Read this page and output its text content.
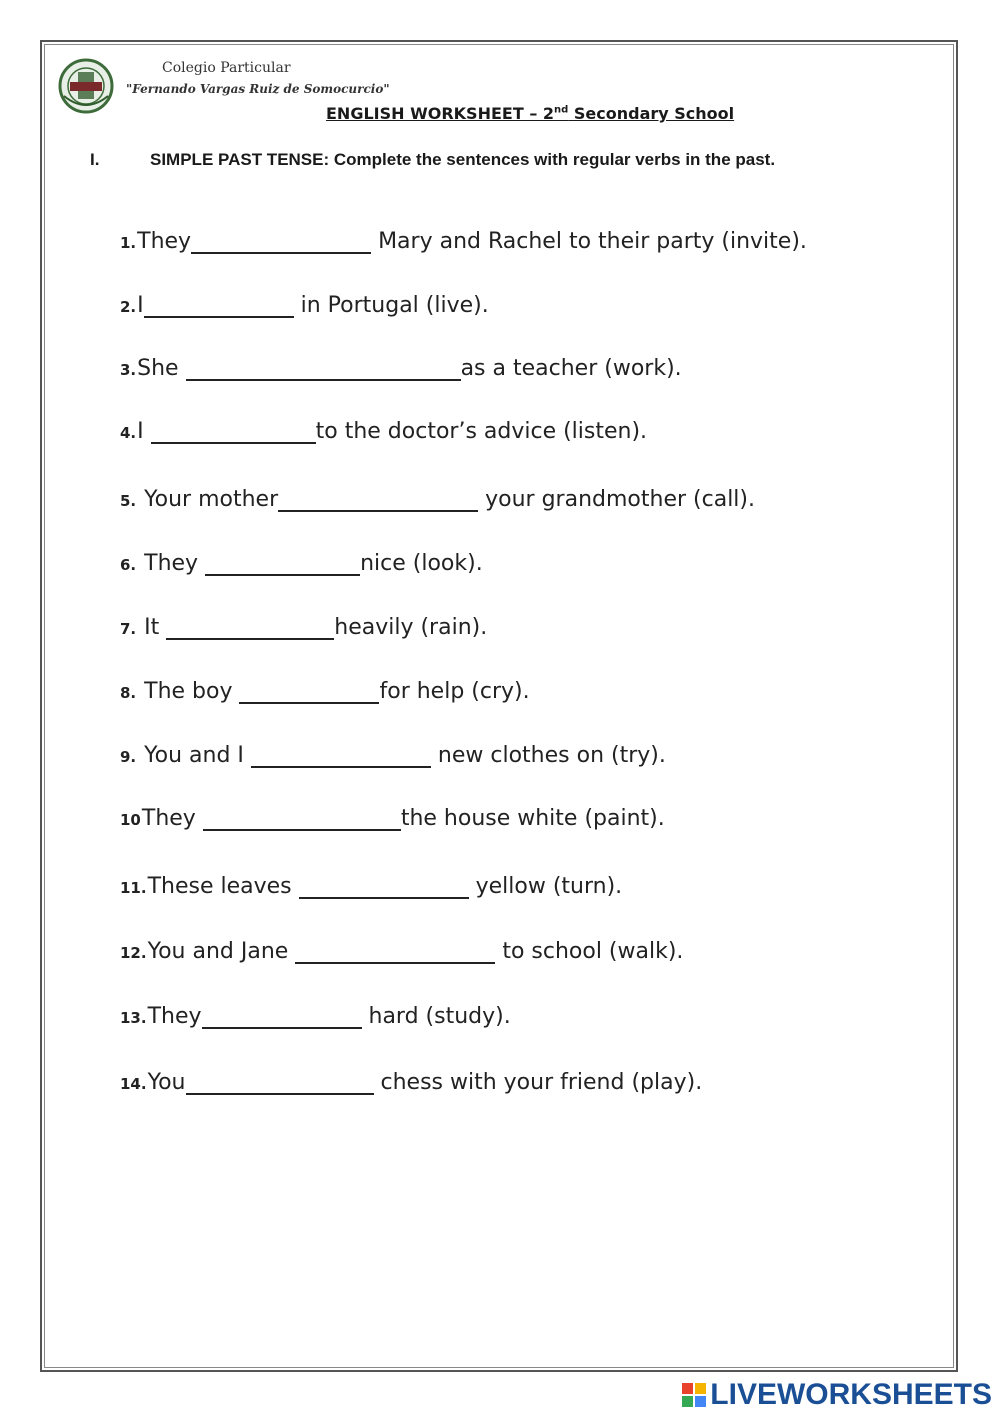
Colegio Particular
"Fernando Vargas Ruiz de Somocurcio"
ENGLISH WORKSHEET – 2nd Secondary School
I.	SIMPLE PAST TENSE: Complete the sentences with regular verbs in the past.
1.They	Mary and Rachel to their party (invite).
2.I	in Portugal (live).
3.She	as a teacher (work).
4.I	to the doctor’s advice (listen).
5. Your mother	your grandmother (call).
6. They	nice (look).
7. It	heavily (rain).
8. The boy	for help (cry).
9. You and I	new clothes on (try).
10They	the house white (paint).
11.These leaves	yellow (turn).
12.You and Jane	to school (walk).
13.They	hard (study).
14.You	chess with your friend (play).
LIVEWORKSHEETS
